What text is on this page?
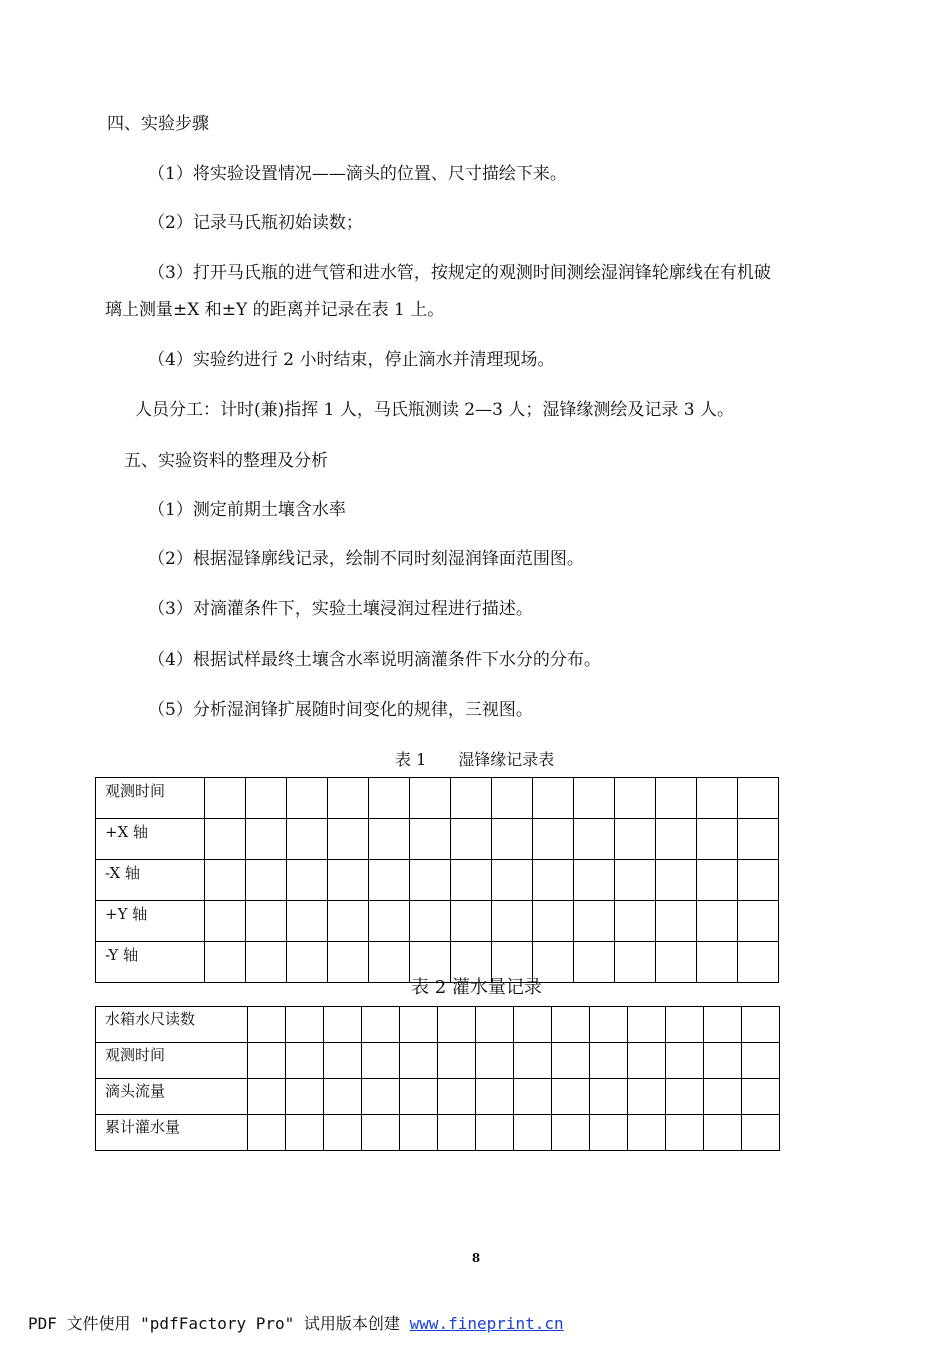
四、实验步骤
（1）将实验设置情况——滴头的位置、尺寸描绘下来。
（2）记录马氏瓶初始读数；
（3）打开马氏瓶的进气管和进水管，按规定的观测时间测绘湿润锋轮廓线在有机破
璃上测量±X 和±Y 的距离并记录在表 1 上。
（4）实验约进行 2 小时结束，停止滴水并清理现场。
人员分工：计时(兼)指挥 1 人，马氏瓶测读 2—3 人；湿锋缘测绘及记录 3 人。
五、实验资料的整理及分析
（1）测定前期土壤含水率
（2）根据湿锋廓线记录，绘制不同时刻湿润锋面范围图。
（3）对滴灌条件下，实验土壤浸润过程进行描述。
（4）根据试样最终土壤含水率说明滴灌条件下水分的分布。
（5）分析湿润锋扩展随时间变化的规律，三视图。
表 1　　湿锋缘记录表
观测时间														
+X 轴														
-X 轴														
+Y 轴														
-Y 轴														
表 2 灌水量记录
水箱水尺读数														
观测时间														
滴头流量														
累计灌水量														
8
PDF 文件使用 "pdfFactory Pro" 试用版本创建 www.fineprint.cn
